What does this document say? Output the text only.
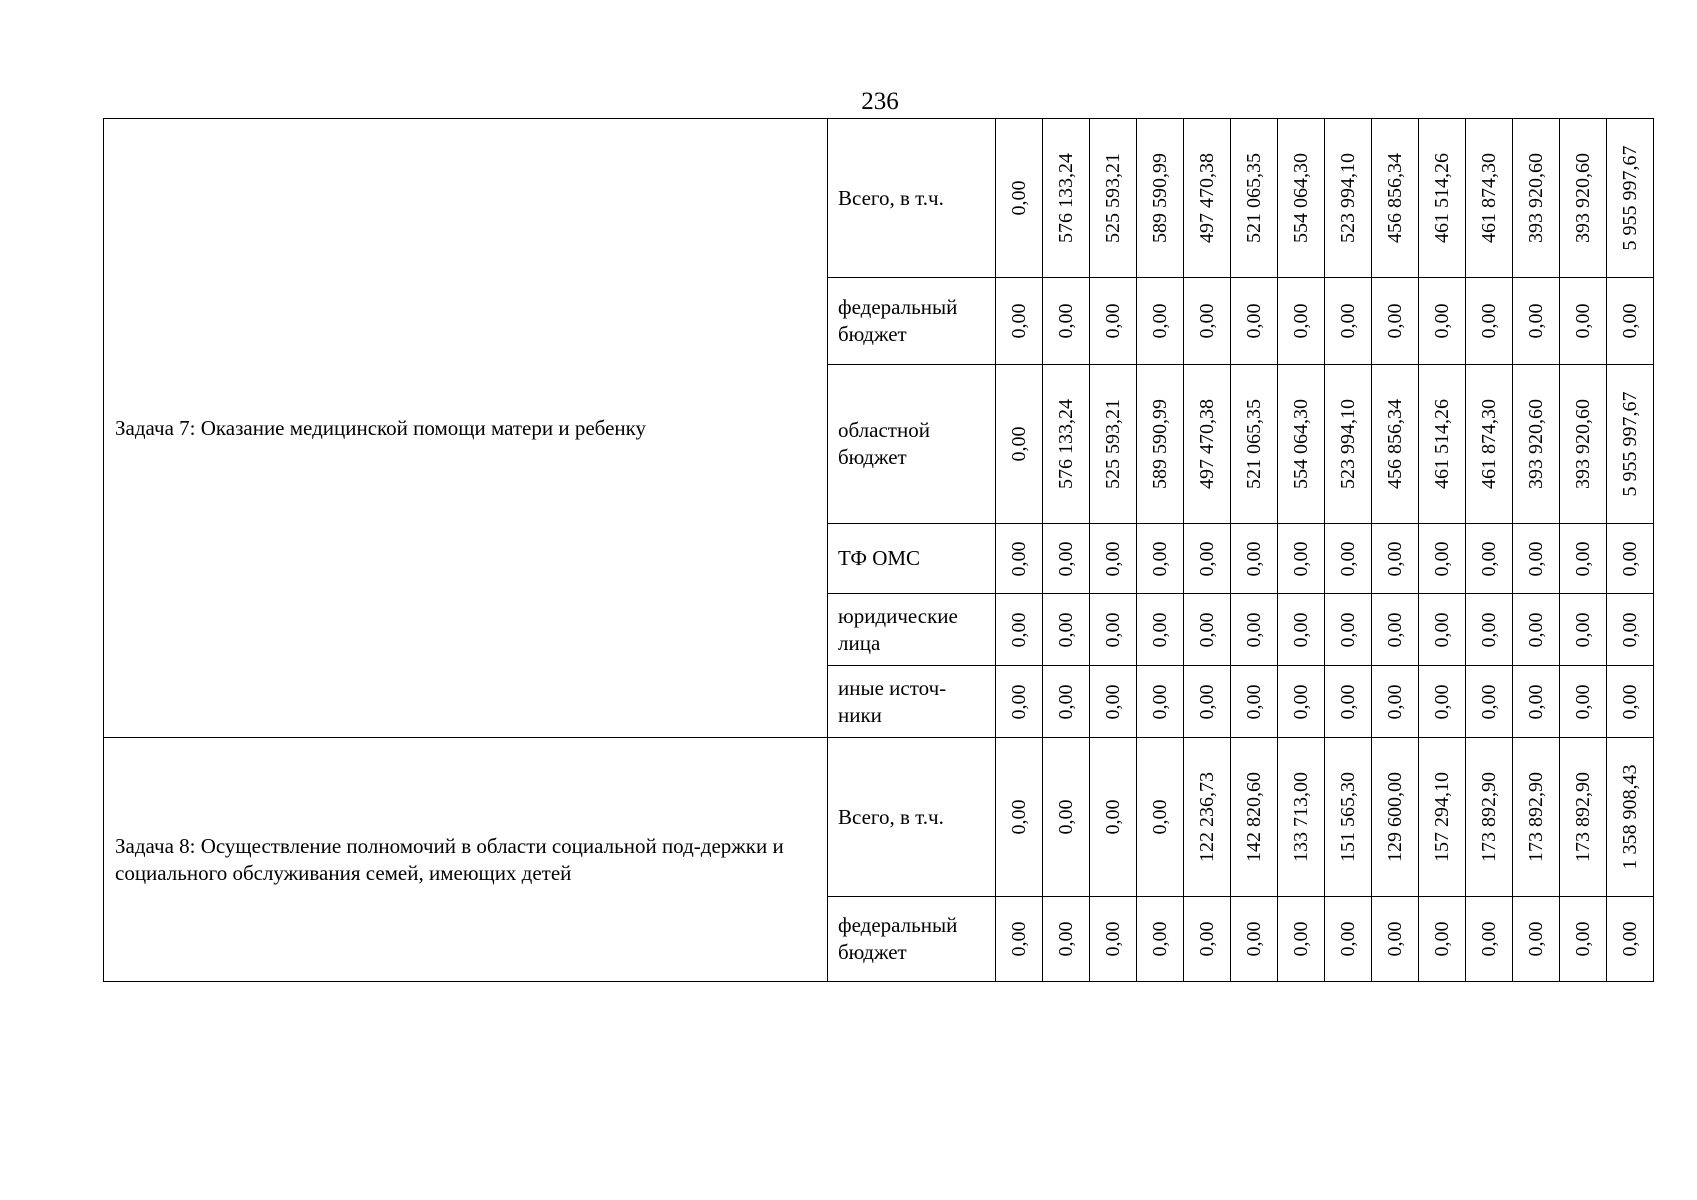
236
Задача 7: Оказание медицинской помощи матери и ребенку	Всего, в т.ч.	0,00	576 133,24	525 593,21	589 590,99	497 470,38	521 065,35	554 064,30	523 994,10	456 856,34	461 514,26	461 874,30	393 920,60	393 920,60	5 955 997,67

	федеральный бюджет	0,00	0,00	0,00	0,00	0,00	0,00	0,00	0,00	0,00	0,00	0,00	0,00	0,00	0,00

	областной бюджет	0,00	576 133,24	525 593,21	589 590,99	497 470,38	521 065,35	554 064,30	523 994,10	456 856,34	461 514,26	461 874,30	393 920,60	393 920,60	5 955 997,67

	ТФ ОМС	0,00	0,00	0,00	0,00	0,00	0,00	0,00	0,00	0,00	0,00	0,00	0,00	0,00	0,00

	юридические лица	0,00	0,00	0,00	0,00	0,00	0,00	0,00	0,00	0,00	0,00	0,00	0,00	0,00	0,00

	иные источ-ники	0,00	0,00	0,00	0,00	0,00	0,00	0,00	0,00	0,00	0,00	0,00	0,00	0,00	0,00

Задача 8: Осуществление полномочий в области социальной под-держки и социального обслуживания семей, имеющих детей	Всего, в т.ч.	0,00	0,00	0,00	0,00	122 236,73	142 820,60	133 713,00	151 565,30	129 600,00	157 294,10	173 892,90	173 892,90	173 892,90	1 358 908,43

	федеральный бюджет	0,00	0,00	0,00	0,00	0,00	0,00	0,00	0,00	0,00	0,00	0,00	0,00	0,00	0,00
